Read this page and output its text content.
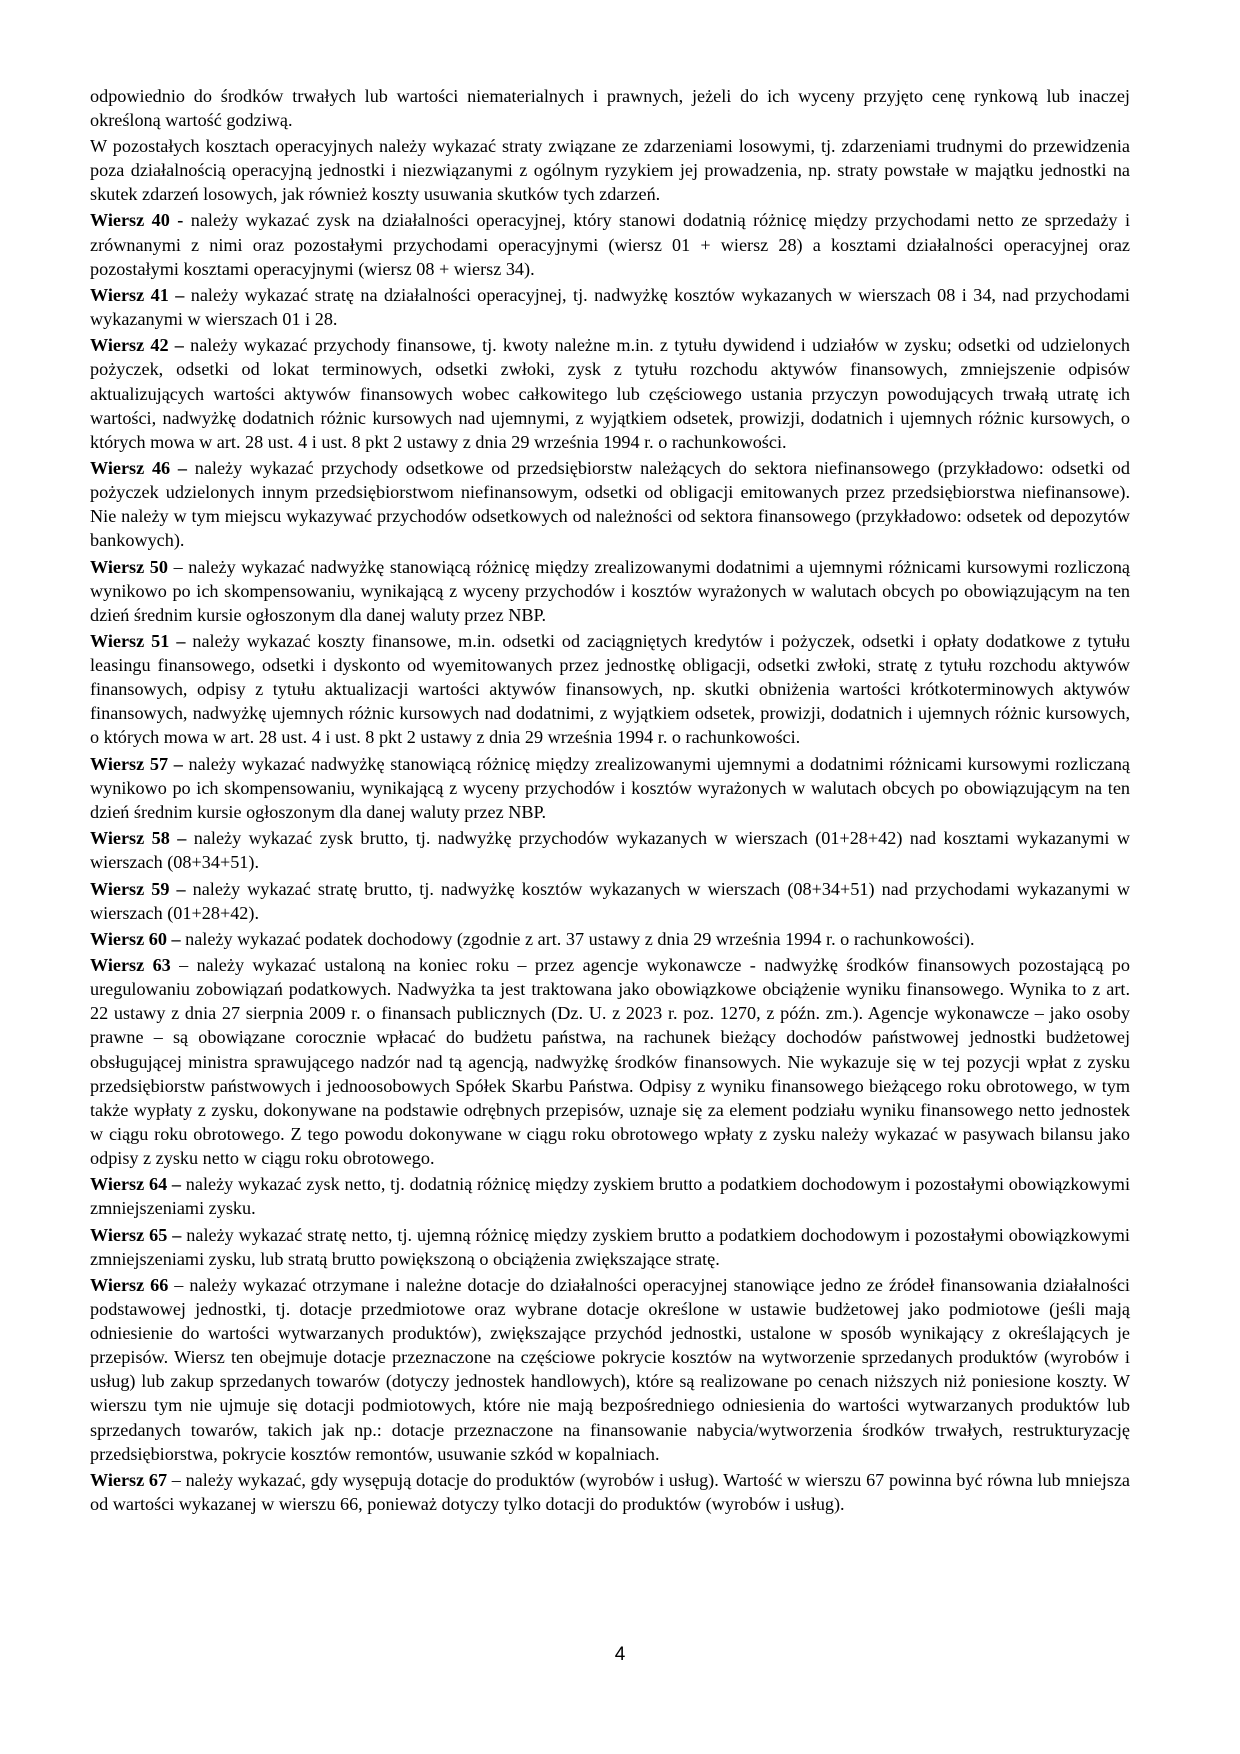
odpowiednio do środków trwałych lub wartości niematerialnych i prawnych, jeżeli do ich wyceny przyjęto cenę rynkową lub inaczej określoną wartość godziwą.

W pozostałych kosztach operacyjnych należy wykazać straty związane ze zdarzeniami losowymi, tj. zdarzeniami trudnymi do przewidzenia poza działalnością operacyjną jednostki i niezwiązanymi z ogólnym ryzykiem jej prowadzenia, np. straty powstałe w majątku jednostki na skutek zdarzeń losowych, jak również koszty usuwania skutków tych zdarzeń.

Wiersz 40 - należy wykazać zysk na działalności operacyjnej, który stanowi dodatnią różnicę między przychodami netto ze sprzedaży i zrównanymi z nimi oraz pozostałymi przychodami operacyjnymi (wiersz 01 + wiersz 28) a kosztami działalności operacyjnej oraz pozostałymi kosztami operacyjnymi (wiersz 08 + wiersz 34).

Wiersz 41 – należy wykazać stratę na działalności operacyjnej, tj. nadwyżkę kosztów wykazanych w wierszach 08 i 34, nad przychodami wykazanymi w wierszach 01 i 28.

Wiersz 42 – należy wykazać przychody finansowe, tj. kwoty należne m.in. z tytułu dywidend i udziałów w zysku; odsetki od udzielonych pożyczek, odsetki od lokat terminowych, odsetki zwłoki, zysk z tytułu rozchodu aktywów finansowych, zmniejszenie odpisów aktualizujących wartości aktywów finansowych wobec całkowitego lub częściowego ustania przyczyn powodujących trwałą utratę ich wartości, nadwyżkę dodatnich różnic kursowych nad ujemnymi, z wyjątkiem odsetek, prowizji, dodatnich i ujemnych różnic kursowych, o których mowa w art. 28 ust. 4 i ust. 8 pkt 2 ustawy z dnia 29 września 1994 r. o rachunkowości.

Wiersz 46 – należy wykazać przychody odsetkowe od przedsiębiorstw należących do sektora niefinansowego (przykładowo: odsetki od pożyczek udzielonych innym przedsiębiorstwom niefinansowym, odsetki od obligacji emitowanych przez przedsiębiorstwa niefinansowe). Nie należy w tym miejscu wykazywać przychodów odsetkowych od należności od sektora finansowego (przykładowo: odsetek od depozytów bankowych).

Wiersz 50 – należy wykazać nadwyżkę stanowiącą różnicę między zrealizowanymi dodatnimi a ujemnymi różnicami kursowymi rozliczoną wynikowo po ich skompensowaniu, wynikającą z wyceny przychodów i kosztów wyrażonych w walutach obcych po obowiązującym na ten dzień średnim kursie ogłoszonym dla danej waluty przez NBP.

Wiersz 51 – należy wykazać koszty finansowe, m.in. odsetki od zaciągniętych kredytów i pożyczek, odsetki i opłaty dodatkowe z tytułu leasingu finansowego, odsetki i dyskonto od wyemitowanych przez jednostkę obligacji, odsetki zwłoki, stratę z tytułu rozchodu aktywów finansowych, odpisy z tytułu aktualizacji wartości aktywów finansowych, np. skutki obniżenia wartości krótkoterminowych aktywów finansowych, nadwyżkę ujemnych różnic kursowych nad dodatnimi, z wyjątkiem odsetek, prowizji, dodatnich i ujemnych różnic kursowych, o których mowa w art. 28 ust. 4 i ust. 8 pkt 2 ustawy z dnia 29 września 1994 r. o rachunkowości.

Wiersz 57 – należy wykazać nadwyżkę stanowiącą różnicę między zrealizowanymi ujemnymi a dodatnimi różnicami kursowymi rozliczaną wynikowo po ich skompensowaniu, wynikającą z wyceny przychodów i kosztów wyrażonych w walutach obcych po obowiązującym na ten dzień średnim kursie ogłoszonym dla danej waluty przez NBP.

Wiersz 58 – należy wykazać zysk brutto, tj. nadwyżkę przychodów wykazanych w wierszach (01+28+42) nad kosztami wykazanymi w wierszach (08+34+51).

Wiersz 59 – należy wykazać stratę brutto, tj. nadwyżkę kosztów wykazanych w wierszach (08+34+51) nad przychodami wykazanymi w wierszach (01+28+42).

Wiersz 60 – należy wykazać podatek dochodowy (zgodnie z art. 37 ustawy z dnia 29 września 1994 r. o rachunkowości).

Wiersz 63 – należy wykazać ustaloną na koniec roku – przez agencje wykonawcze - nadwyżkę środków finansowych pozostającą po uregulowaniu zobowiązań podatkowych. Nadwyżka ta jest traktowana jako obowiązkowe obciążenie wyniku finansowego. Wynika to z art. 22 ustawy z dnia 27 sierpnia 2009 r. o finansach publicznych (Dz. U. z 2023 r. poz. 1270, z późn. zm.). Agencje wykonawcze – jako osoby prawne – są obowiązane corocznie wpłacać do budżetu państwa, na rachunek bieżący dochodów państwowej jednostki budżetowej obsługującej ministra sprawującego nadzór nad tą agencją, nadwyżkę środków finansowych. Nie wykazuje się w tej pozycji wpłat z zysku przedsiębiorstw państwowych i jednoosobowych Spółek Skarbu Państwa. Odpisy z wyniku finansowego bieżącego roku obrotowego, w tym także wypłaty z zysku, dokonywane na podstawie odrębnych przepisów, uznaje się za element podziału wyniku finansowego netto jednostek w ciągu roku obrotowego. Z tego powodu dokonywane w ciągu roku obrotowego wpłaty z zysku należy wykazać w pasywach bilansu jako odpisy z zysku netto w ciągu roku obrotowego.

Wiersz 64 – należy wykazać zysk netto, tj. dodatnią różnicę między zyskiem brutto a podatkiem dochodowym i pozostałymi obowiązkowymi zmniejszeniami zysku.

Wiersz 65 – należy wykazać stratę netto, tj. ujemną różnicę między zyskiem brutto a podatkiem dochodowym i pozostałymi obowiązkowymi zmniejszeniami zysku, lub stratą brutto powiększoną o obciążenia zwiększające stratę.

Wiersz 66 – należy wykazać otrzymane i należne dotacje do działalności operacyjnej stanowiące jedno ze źródeł finansowania działalności podstawowej jednostki, tj. dotacje przedmiotowe oraz wybrane dotacje określone w ustawie budżetowej jako podmiotowe (jeśli mają odniesienie do wartości wytwarzanych produktów), zwiększające przychód jednostki, ustalone w sposób wynikający z określających je przepisów. Wiersz ten obejmuje dotacje przeznaczone na częściowe pokrycie kosztów na wytworzenie sprzedanych produktów (wyrobów i usług) lub zakup sprzedanych towarów (dotyczy jednostek handlowych), które są realizowane po cenach niższych niż poniesione koszty. W wierszu tym nie ujmuje się dotacji podmiotowych, które nie mają bezpośredniego odniesienia do wartości wytwarzanych produktów lub sprzedanych towarów, takich jak np.: dotacje przeznaczone na finansowanie nabycia/wytworzenia środków trwałych, restrukturyzację przedsiębiorstwa, pokrycie kosztów remontów, usuwanie szkód w kopalniach.

Wiersz 67 – należy wykazać, gdy wysępują dotacje do produktów (wyrobów i usług). Wartość w wierszu 67 powinna być równa lub mniejsza od wartości wykazanej w wierszu 66, ponieważ dotyczy tylko dotacji do produktów (wyrobów i usług).

4
